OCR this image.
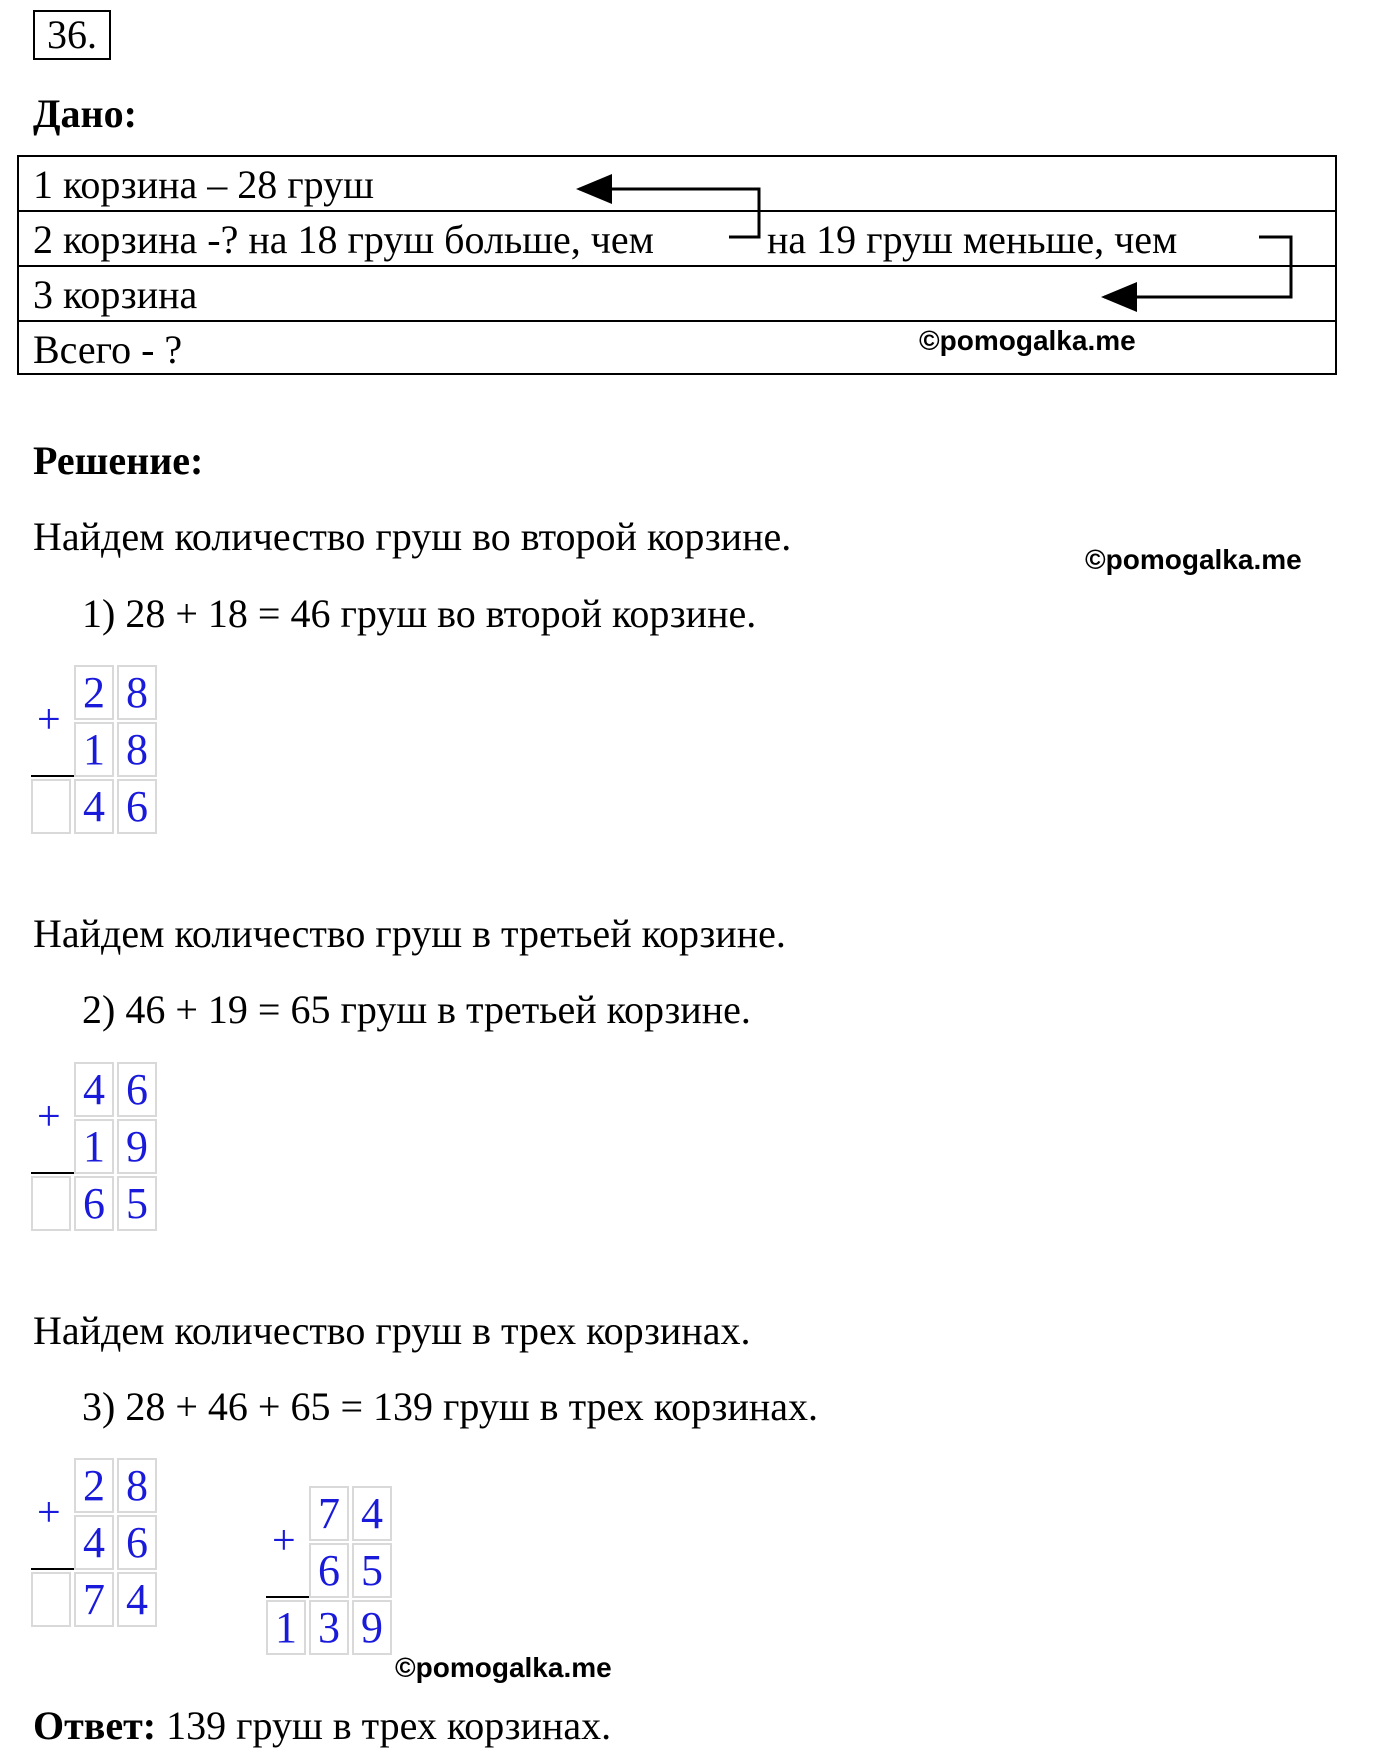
36.
Дано:
1 корзина – 28 груш
2 корзина -? на 18 груш больше, чем	на 19 груш меньше, чем
3 корзина
Всего - ?	©pomogalka.me
Решение:
Найдем количество груш во второй корзине.
©pomogalka.me
1) 28 + 18 = 46 груш во второй корзине.
+
2 8
1 8
4 6
Найдем количество груш в третьей корзине.
2) 46 + 19 = 65 груш в третьей корзине.
+
4 6
1 9
6 5
Найдем количество груш в трех корзинах.
3) 28 + 46 + 65 = 139 груш в трех корзинах.
+
2 8
4 6
7 4
+
7 4
6 5
1 3 9
©pomogalka.me
Ответ: 139 груш в трех корзинах.
